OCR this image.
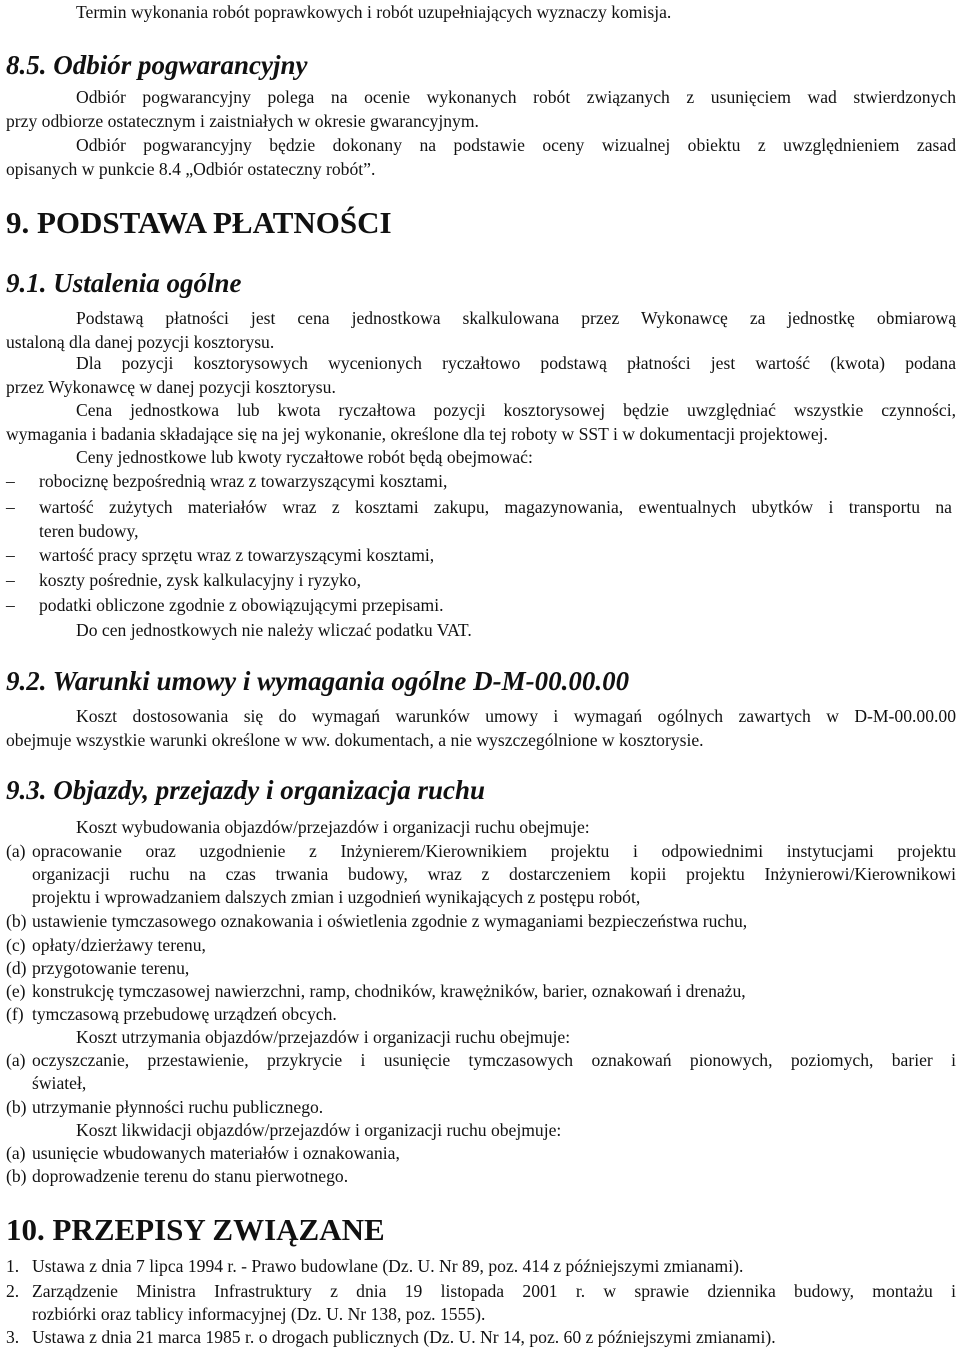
Termin wykonania robót poprawkowych i robót uzupełniających wyznaczy komisja.
8.5. Odbiór pogwarancyjny
Odbiór pogwarancyjny polega na ocenie wykonanych robót związanych z usunięciem wad stwierdzonych
przy odbiorze ostatecznym i zaistniałych w okresie gwarancyjnym.
Odbiór pogwarancyjny będzie dokonany na podstawie oceny wizualnej obiektu z uwzględnieniem zasad
opisanych w punkcie 8.4 „Odbiór ostateczny robót”.
9. PODSTAWA PŁATNOŚCI
9.1. Ustalenia ogólne
Podstawą płatności jest cena jednostkowa skalkulowana przez Wykonawcę za jednostkę obmiarową
ustaloną dla danej pozycji kosztorysu.
Dla pozycji kosztorysowych wycenionych ryczałtowo podstawą płatności jest wartość (kwota) podana
przez Wykonawcę w danej pozycji kosztorysu.
Cena jednostkowa lub kwota ryczałtowa pozycji kosztorysowej będzie uwzględniać wszystkie czynności,
wymagania i badania składające się na jej wykonanie, określone dla tej roboty w SST i w dokumentacji projektowej.
Ceny jednostkowe lub kwoty ryczałtowe robót będą obejmować:
–	robociznę bezpośrednią wraz z towarzyszącymi kosztami,
–	wartość zużytych materiałów wraz z kosztami zakupu, magazynowania, ewentualnych ubytków i transportu na
teren budowy,
–	wartość pracy sprzętu wraz z towarzyszącymi kosztami,
–	koszty pośrednie, zysk kalkulacyjny i ryzyko,
–	podatki obliczone zgodnie z obowiązującymi przepisami.
Do cen jednostkowych nie należy wliczać podatku VAT.
9.2. Warunki umowy i wymagania ogólne D-M-00.00.00
Koszt dostosowania się do wymagań warunków umowy i wymagań ogólnych zawartych w D-M-00.00.00
obejmuje wszystkie warunki określone w ww. dokumentach, a nie wyszczególnione w kosztorysie.
9.3. Objazdy, przejazdy i organizacja ruchu
Koszt wybudowania objazdów/przejazdów i organizacji ruchu obejmuje:
(a) opracowanie oraz uzgodnienie z Inżynierem/Kierownikiem projektu i odpowiednimi instytucjami projektu
organizacji ruchu na czas trwania budowy, wraz z dostarczeniem kopii projektu Inżynierowi/Kierownikowi
projektu i wprowadzaniem dalszych zmian i uzgodnień wynikających z postępu robót,
(b) ustawienie tymczasowego oznakowania i oświetlenia zgodnie z wymaganiami bezpieczeństwa ruchu,
(c) opłaty/dzierżawy terenu,
(d) przygotowanie terenu,
(e) konstrukcję tymczasowej nawierzchni, ramp, chodników, krawężników, barier, oznakowań i drenażu,
(f) tymczasową przebudowę urządzeń obcych.
Koszt utrzymania objazdów/przejazdów i organizacji ruchu obejmuje:
(a) oczyszczanie, przestawienie, przykrycie i usunięcie tymczasowych oznakowań pionowych, poziomych, barier i
świateł,
(b) utrzymanie płynności ruchu publicznego.
Koszt likwidacji objazdów/przejazdów i organizacji ruchu obejmuje:
(a) usunięcie wbudowanych materiałów i oznakowania,
(b) doprowadzenie terenu do stanu pierwotnego.
10. PRZEPISY ZWIĄZANE
1. Ustawa z dnia 7 lipca 1994 r. - Prawo budowlane (Dz. U. Nr 89, poz. 414 z późniejszymi zmianami).
2. Zarządzenie Ministra Infrastruktury z dnia 19 listopada 2001 r. w sprawie dziennika budowy, montażu i
rozbiórki oraz tablicy informacyjnej (Dz. U. Nr 138, poz. 1555).
3. Ustawa z dnia 21 marca 1985 r. o drogach publicznych (Dz. U. Nr 14, poz. 60 z późniejszymi zmianami).
